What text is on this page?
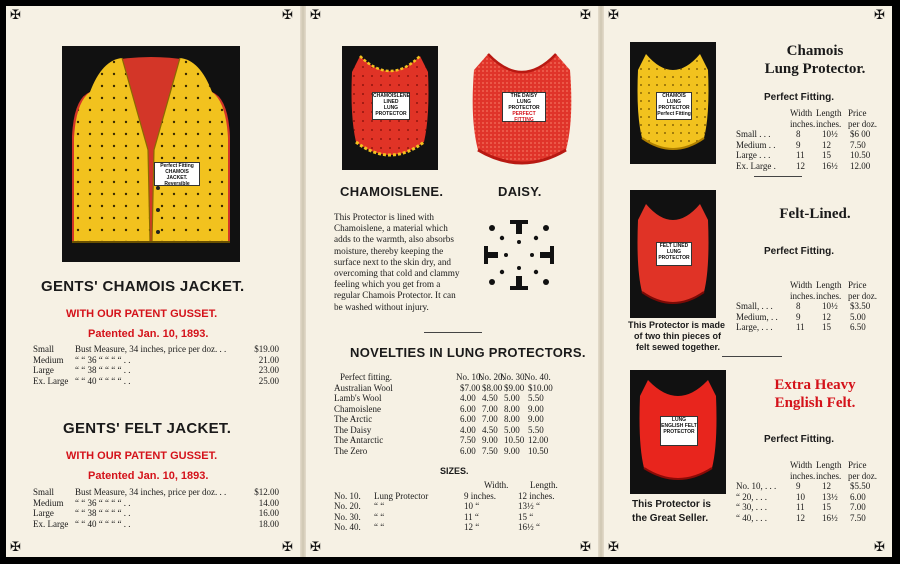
✠	✠
✠	✠
Perfect Fitting
CHAMOIS JACKET.
Reversible
GENTS' CHAMOIS JACKET.
WITH OUR PATENT GUSSET.
Patented Jan. 10, 1893.
Small Bust Measure, 34 inches, price per doz. . .	$19.00
Medium “ “ 36 “ “ “ “ . .	21.00
Large “ “ 38 “ “ “ “ . .	23.00
Ex. Large “ “ 40 “ “ “ “ . .	25.00
GENTS' FELT JACKET.
WITH OUR PATENT GUSSET.
Patented Jan. 10, 1893.
Small Bust Measure, 34 inches, price per doz. . .	$12.00
Medium “ “ 36 “ “ “ “ . .	14.00
Large “ “ 38 “ “ “ “ . .	16.00
Ex. Large “ “ 40 “ “ “ “ . .	18.00
✠	✠
✠	✠
CHAMOISLENE
LINED
LUNG
PROTECTOR
THE DAISY
LUNG
PROTECTOR
PERFECT FITTING
CHAMOISLENE.	DAISY.
This Protector is lined with Chamoislene, a material which adds to the warmth, also absorbs moisture, thereby keeping the surface next to the skin dry, and overcoming that cold and clammy feeling which you get from a regular Chamois Protector. It can be washed without injury.
NOVELTIES IN LUNG PROTECTORS.
Perfect fitting.	No. 10.
No. 20.
No. 30.
No. 40.
Australian Wool	$7.00 $8.00 $9.00 $10.00
Lamb's Wool	4.00 4.50 5.00 5.50
Chamoislene	6.00 7.00 8.00 9.00
The Arctic	6.00 7.00 8.00 9.00
The Daisy	4.00 4.50 5.00 5.50
The Antarctic	7.50 9.00 10.50 12.00
The Zero	6.00 7.50 9.00 10.50
SIZES.
Width. Length.
No. 10. Lung Protector	9 inches. 12 inches.
No. 20. “ “	10 “	13½ “
No. 30. “ “	11 “	15 “
No. 40. “ “	12 “	16½ “
✠	✠
✠	✠
CHAMOIS
LUNG
PROTECTOR
Perfect Fitting
Chamois
Lung Protector.
Perfect Fitting.
Width Length Price
inches. inches. per doz.
Small . . .	8 10½ $6 00
Medium . . 9 12 7.50
Large . . .	11 15 10.50
Ex. Large . 12 16½ 12.00
FELT LINED
LUNG
PROTECTOR
Felt-Lined.
Perfect Fitting.
Width Length Price
inches. inches. per doz.
Small, . . .	8 10½ $3.50
Medium, . . 9 12 5.00
Large, . . .	11 15 6.50
This Protector is made
of two thin pieces of
felt sewed together.
LUNG
ENGLISH FELT
PROTECTOR
Extra Heavy
English Felt.
Perfect Fitting.
Width Length Price
inches. inches. per doz.
No. 10, . . . 9 12 $5.50
“ 20, . . .	10 13½ 6.00
“ 30, . . .	11 15 7.00
“ 40, . . .	12 16½ 7.50
This Protector is
the Great Seller.
